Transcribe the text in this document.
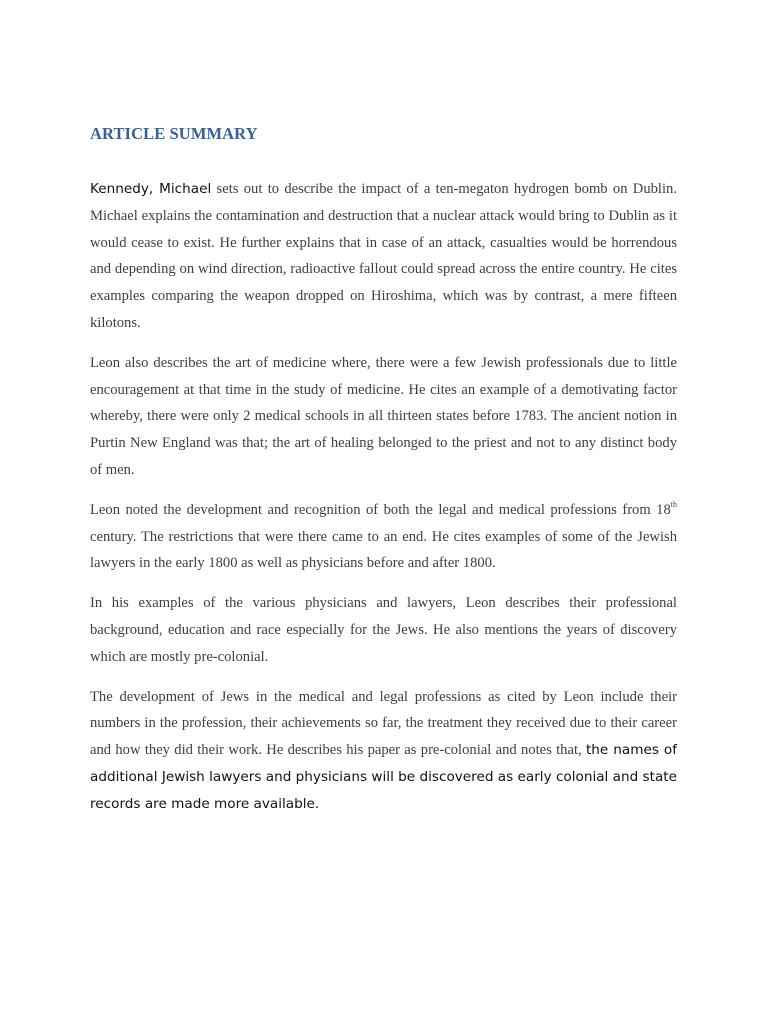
ARTICLE SUMMARY

Kennedy, Michael sets out to describe the impact of a ten-megaton hydrogen bomb on Dublin. Michael explains the contamination and destruction that a nuclear attack would bring to Dublin as it would cease to exist. He further explains that in case of an attack, casualties would be horrendous and depending on wind direction, radioactive fallout could spread across the entire country. He cites examples comparing the weapon dropped on Hiroshima, which was by contrast, a mere fifteen kilotons.

Leon also describes the art of medicine where, there were a few Jewish professionals due to little encouragement at that time in the study of medicine. He cites an example of a demotivating factor whereby, there were only 2 medical schools in all thirteen states before 1783. The ancient notion in Purtin New England was that; the art of healing belonged to the priest and not to any distinct body of men.

Leon noted the development and recognition of both the legal and medical professions from 18th century. The restrictions that were there came to an end. He cites examples of some of the Jewish lawyers in the early 1800 as well as physicians before and after 1800.

In his examples of the various physicians and lawyers, Leon describes their professional background, education and race especially for the Jews. He also mentions the years of discovery which are mostly pre-colonial.

The development of Jews in the medical and legal professions as cited by Leon include their numbers in the profession, their achievements so far, the treatment they received due to their career and how they did their work. He describes his paper as pre-colonial and notes that, the names of additional Jewish lawyers and physicians will be discovered as early colonial and state records are made more available.
